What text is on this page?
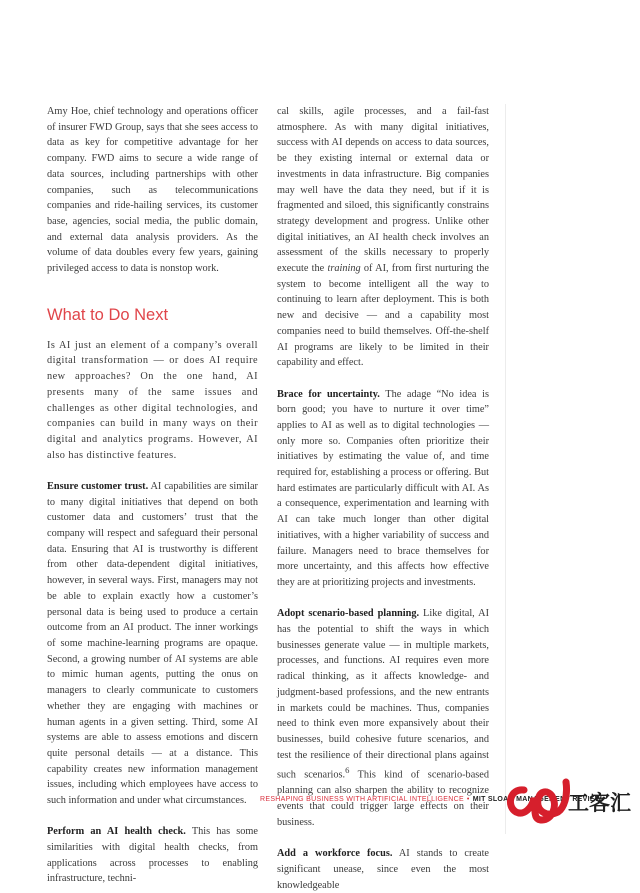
Amy Hoe, chief technology and operations officer of insurer FWD Group, says that she sees access to data as key for competitive advantage for her company. FWD aims to secure a wide range of data sources, including partnerships with other companies, such as telecommunications companies and ride-hailing services, its customer base, agencies, social media, the public domain, and external data analysis providers. As the volume of data doubles every few years, gaining privileged access to data is nonstop work.

What to Do Next

Is AI just an element of a company’s overall digital transformation — or does AI require new approaches? On the one hand, AI presents many of the same issues and challenges as other digital technologies, and companies can build in many ways on their digital and analytics programs. However, AI also has distinctive features.

Ensure customer trust. AI capabilities are similar to many digital initiatives that depend on both customer data and customers’ trust that the company will respect and safeguard their personal data. Ensuring that AI is trustworthy is different from other data-dependent digital initiatives, however, in several ways. First, managers may not be able to explain exactly how a customer’s personal data is being used to produce a certain outcome from an AI product. The inner workings of some machine-learning programs are opaque. Second, a growing number of AI systems are able to mimic human agents, putting the onus on managers to clearly communicate to customers whether they are engaging with machines or human agents in a given setting. Third, some AI systems are able to assess emotions and discern quite personal details — at a distance. This capability creates new information management issues, including which employees have access to such information and under what circumstances.

Perform an AI health check. This has some similarities with digital health checks, from applications across processes to enabling infrastructure, techni-

cal skills, agile processes, and a fail-fast atmosphere. As with many digital initiatives, success with AI depends on access to data sources, be they existing internal or external data or investments in data infrastructure. Big companies may well have the data they need, but if it is fragmented and siloed, this significantly constrains strategy development and progress. Unlike other digital initiatives, an AI health check involves an assessment of the skills necessary to properly execute the training of AI, from first nurturing the system to become intelligent all the way to continuing to learn after deployment. This is both new and decisive — and a capability most companies need to build themselves. Off-the-shelf AI programs are likely to be limited in their capability and effect.

Brace for uncertainty. The adage “No idea is born good; you have to nurture it over time” applies to AI as well as to digital technologies — only more so. Companies often prioritize their initiatives by estimating the value of, and time required for, establishing a process or offering. But hard estimates are particularly difficult with AI. As a consequence, experimentation and learning with AI can take much longer than other digital initiatives, with a higher variability of success and failure. Managers need to brace themselves for more uncertainty, and this affects how effective they are at prioritizing projects and investments.

Adopt scenario-based planning. Like digital, AI has the potential to shift the ways in which businesses generate value — in multiple markets, processes, and functions. AI requires even more radical thinking, as it affects knowledge- and judgment-based professions, and the new entrants in markets could be machines. Thus, companies need to think even more expansively about their businesses, build cohesive future scenarios, and test the resilience of their directional plans against such scenarios.$^6$ This kind of scenario-based planning can also sharpen the ability to recognize events that could trigger large effects on their business.

Add a workforce focus. AI stands to create significant unease, since even the most knowledgeable

RESHAPING BUSINESS WITH ARTIFICIAL INTELLIGENCE • MIT SLOAN MANAGEMENT REVIEW
工客汇
